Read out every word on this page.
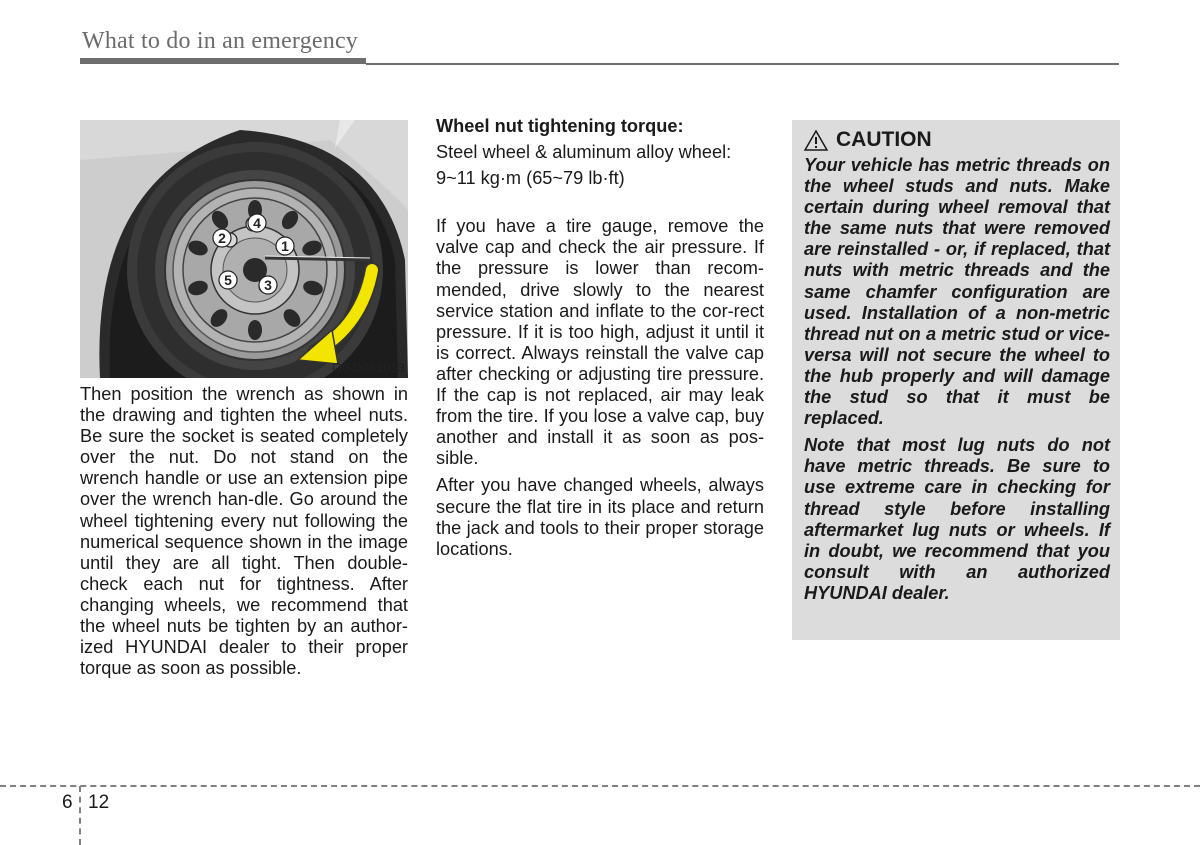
What to do in an emergency
1
2
3
4
5
OGD061013
Then position the wrench as shown in the drawing and tighten the wheel nuts. Be sure the socket is seated completely over the nut. Do not stand on the wrench handle or use an extension pipe over the wrench han-dle. Go around the wheel tightening every nut following the numerical sequence shown in the image until they are all tight. Then double-check each nut for tightness. After changing wheels, we recommend that the wheel nuts be tighten by an author-ized HYUNDAI dealer to their proper torque as soon as possible.
Wheel nut tightening torque:
Steel wheel & aluminum alloy wheel:
9~11 kg·m (65~79 lb·ft)

If you have a tire gauge, remove the valve cap and check the air pressure. If the pressure is lower than recom-mended, drive slowly to the nearest service station and inflate to the cor-rect pressure. If it is too high, adjust it until it is correct. Always reinstall the valve cap after checking or adjusting tire pressure. If the cap is not replaced, air may leak from the tire. If you lose a valve cap, buy another and install it as soon as pos-sible.

After you have changed wheels, always secure the flat tire in its place and return the jack and tools to their proper storage locations.

CAUTION

Your vehicle has metric threads on the wheel studs and nuts. Make certain during wheel removal that the same nuts that were removed are reinstalled - or, if replaced, that nuts with metric threads and the same chamfer configuration are used. Installation of a non-metric thread nut on a metric stud or vice-versa will not secure the wheel to the hub properly and will damage the stud so that it must be replaced.

Note that most lug nuts do not have metric threads. Be sure to use extreme care in checking for thread style before installing aftermarket lug nuts or wheels. If in doubt, we recommend that you consult with an authorized HYUNDAI dealer.

6 12
